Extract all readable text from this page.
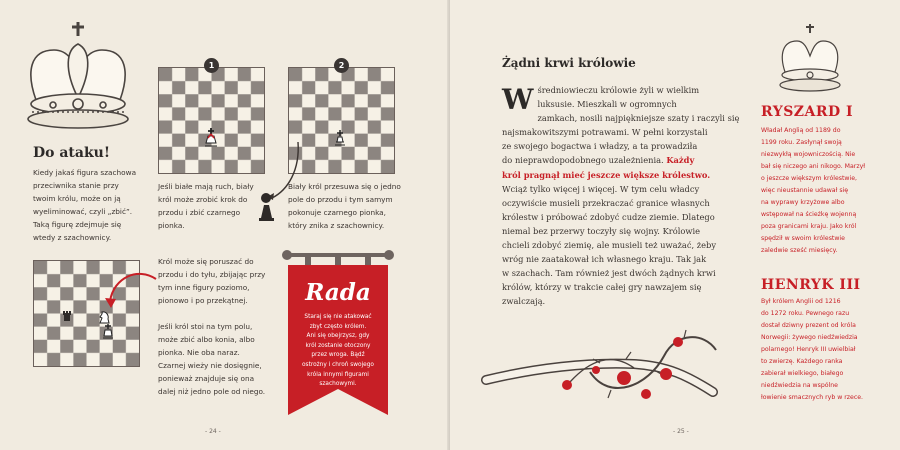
Do ataku!
Kiedy jakaś figura szachowa
przeciwnika stanie przy
twoim królu, może on ją
wyeliminować, czyli „zbić”.
Taką figurę zdejmuje się
wtedy z szachownicy.
1
Jeśli białe mają ruch, biały
król może zrobić krok do
przodu i zbić czarnego
pionka.
2
Biały król przesuwa się o jedno
pole do przodu i tym samym
pokonuje czarnego pionka,
który znika z szachownicy.
Król może się poruszać do
przodu i do tyłu, zbijając przy
tym inne figury poziomo,
pionowo i po przekątnej.
Jeśli król stoi na tym polu,
może zbić albo konia, albo
pionka. Nie oba naraz.
Czarnej wieży nie dosięgnie,
ponieważ znajduje się ona
dalej niż jedno pole od niego.
Rada
Staraj się nie atakować
zbyt często królem.
Ani się obejrzysz, gdy
król zostanie otoczony
przez wroga. Bądź
ostrożny i chroń swojego
króla innymi figurami
szachowymi.
- 24 -
Żądni krwi królowie
W średniowieczu królowie żyli w wielkim
luksusie. Mieszkali w ogromnych
zamkach, nosili najpiękniejsze szaty i raczyli się
najsmakowitszymi potrawami. W pełni korzystali
ze swojego bogactwa i władzy, a ta prowadziła
do nieprawdopodobnego uzależnienia. Każdy
król pragnął mieć jeszcze większe królestwo.
Wciąż tylko więcej i więcej. W tym celu władcy
oczywiście musieli przekraczać granice własnych
królestw i próbować zdobyć cudze ziemie. Dlatego
niemal bez przerwy toczyły się wojny. Królowie
chcieli zdobyć ziemię, ale musieli też uważać, żeby
wróg nie zaatakował ich własnego kraju. Tak jak
w szachach. Tam również jest dwóch żądnych krwi
królów, którzy w trakcie całej gry nawzajem się
zwalczają.
RYSZARD I
Władał Anglią od 1189 do
1199 roku. Zasłynął swoją
niezwykłą wojowniczością. Nie
bał się niczego ani nikogo. Marzył
o jeszcze większym królestwie,
więc nieustannie udawał się
na wyprawy krzyżowe albo
wstępował na ścieżkę wojenną
poza granicami kraju. Jako król
spędził w swoim królestwie
zaledwie sześć miesięcy.
HENRYK III
Był królem Anglii od 1216
do 1272 roku. Pewnego razu
dostał dziwny prezent od króla
Norwegii: żywego niedźwiedzia
polarnego! Henryk III uwielbiał
to zwierzę. Każdego ranka
zabierał wielkiego, białego
niedźwiedzia na wspólne
łowienie smacznych ryb w rzece.
- 25 -
